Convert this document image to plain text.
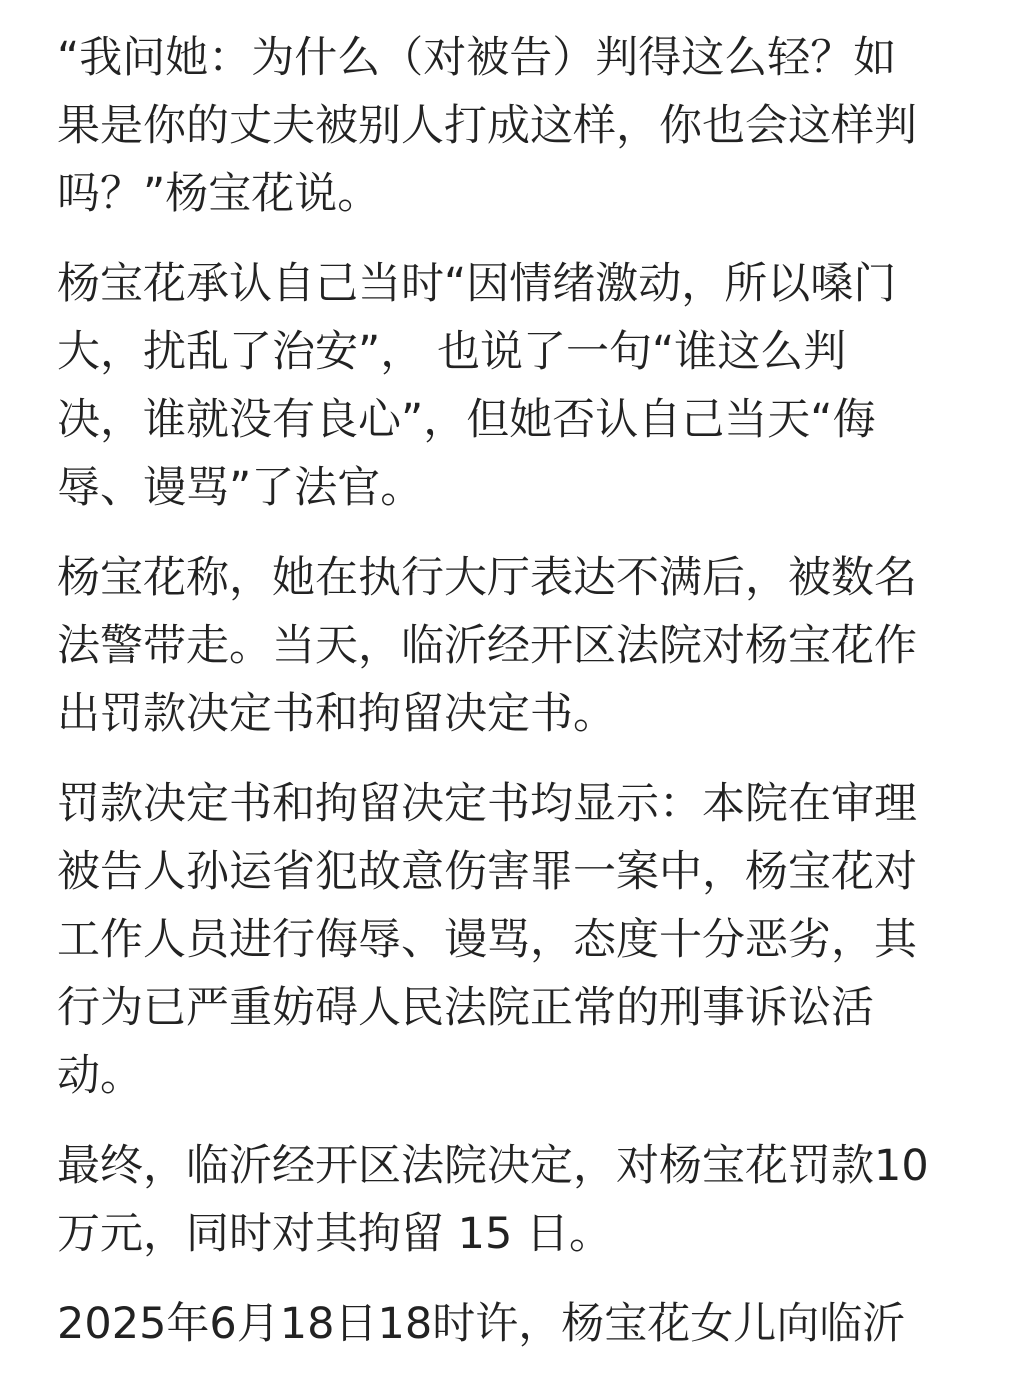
“我问她：为什么（对被告）判得这么轻？如
果是你的丈夫被别人打成这样，你也会这样判
吗？”杨宝花说。

杨宝花承认自己当时“因情绪激动，所以嗓门
大，扰乱了治安”， 也说了一句“谁这么判
决，谁就没有良心”，但她否认自己当天“侮
辱、谩骂”了法官。

杨宝花称，她在执行大厅表达不满后，被数名
法警带走。当天，临沂经开区法院对杨宝花作
出罚款决定书和拘留决定书。

罚款决定书和拘留决定书均显示：本院在审理
被告人孙运省犯故意伤害罪一案中，杨宝花对
工作人员进行侮辱、谩骂，态度十分恶劣，其
行为已严重妨碍人民法院正常的刑事诉讼活
动。

最终，临沂经开区法院决定，对杨宝花罚款10
万元，同时对其拘留 15 日。

2025年6月18日18时许，杨宝花女儿向临沂
